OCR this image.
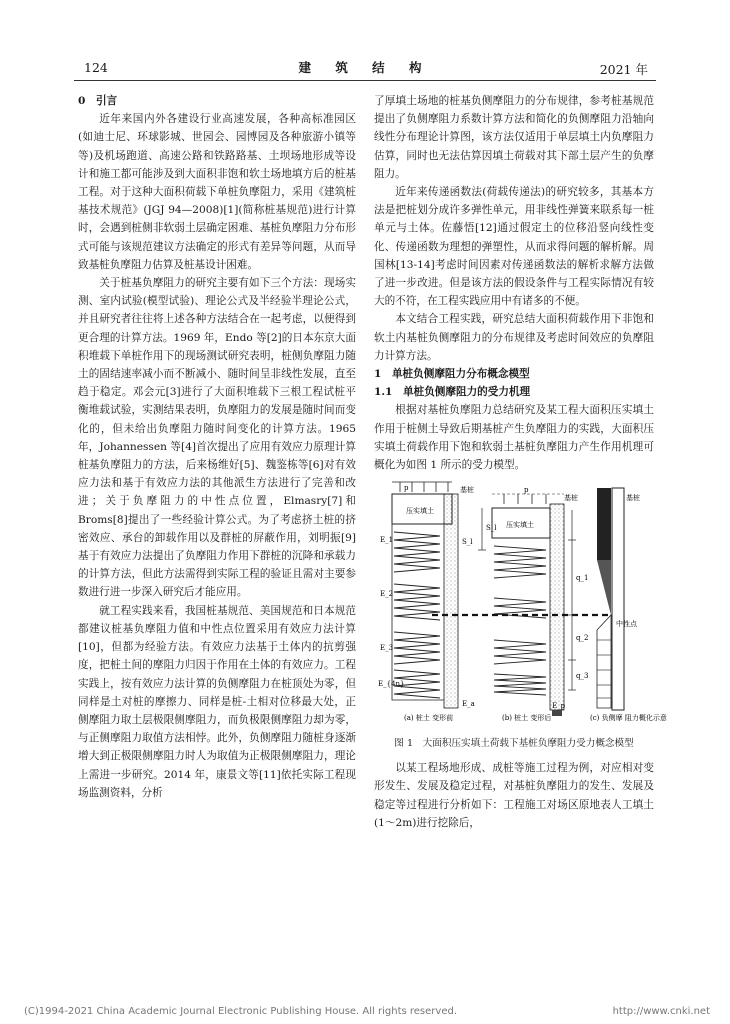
124	建 筑 结 构	2021 年

0　引言

近年来国内外各建设行业高速发展，各种高标准园区(如迪士尼、环球影城、世园会、园博园及各种旅游小镇等等)及机场跑道、高速公路和铁路路基、土坝场地形成等设计和施工都可能涉及到大面积非饱和软土场地填方后的桩基工程。对于这种大面积荷载下单桩负摩阻力，采用《建筑桩基技术规范》(JGJ 94—2008)[1](简称桩基规范)进行计算时，会遇到桩侧非软弱土层确定困难、基桩负摩阻力分布形式可能与该规范建议方法确定的形式有差异等问题，从而导致基桩负摩阻力估算及桩基设计困难。

关于桩基负摩阻力的研究主要有如下三个方法：现场实测、室内试验(模型试验)、理论公式及半经验半理论公式，并且研究者往往将上述各种方法结合在一起考虑，以便得到更合理的计算方法。1969 年，Endo 等[2]的日本东京大面积堆载下单桩作用下的现场测试研究表明，桩侧负摩阻力随土的固结速率减小而不断减小、随时间呈非线性发展，直至趋于稳定。邓会元[3]进行了大面积堆载下三根工程试桩平衡堆载试验，实测结果表明，负摩阻力的发展是随时间而变化的，但未给出负摩阻力随时间变化的计算方法。1965 年，Johannessen 等[4]首次提出了应用有效应力原理计算桩基负摩阻力的方法，后来杨维好[5]、魏鉴栋等[6]对有效应力法和基于有效应力法的其他派生方法进行了完善和改进；关于负摩阻力的中性点位置，Elmasry[7]和 Broms[8]提出了一些经验计算公式。为了考虑挤土桩的挤密效应、承台的卸载作用以及群桩的屏蔽作用，刘明振[9]基于有效应力法提出了负摩阻力作用下群桩的沉降和承载力的计算方法，但此方法需得到实际工程的验证且需对主要参数进行进一步深入研究后才能应用。

就工程实践来看，我国桩基规范、美国规范和日本规范都建议桩基负摩阻力值和中性点位置采用有效应力法计算[10]，但都为经验方法。有效应力法基于土体内的抗剪强度，把桩土间的摩阻力归因于作用在土体的有效应力。工程实践上，按有效应力法计算的负侧摩阻力在桩顶处为零，但同样是土对桩的摩擦力、同样是桩-土相对位移最大处，正侧摩阻力取土层极限侧摩阻力，而负极限侧摩阻力却为零，与正侧摩阻力取值方法相悖。此外，负侧摩阻力随桩身逐渐增大到正极限侧摩阻力时人为取值为正极限侧摩阻力，理论上需进一步研究。2014 年，康景文等[11]依托实际工程现场监测资料，分析

了厚填土场地的桩基负侧摩阻力的分布规律，参考桩基规范提出了负侧摩阻力系数计算方法和简化的负侧摩阻力沿轴向线性分布理论计算图，该方法仅适用于单层填土内负摩阻力估算，同时也无法估算因填土荷载对其下部土层产生的负摩阻力。

近年来传递函数法(荷载传递法)的研究较多，其基本方法是把桩划分成许多弹性单元，用非线性弹簧来联系每一桩单元与土体。佐藤悟[12]通过假定土的位移沿竖向线性变化、传递函数为理想的弹塑性，从而求得问题的解析解。周国林[13-14]考虑时间因素对传递函数法的解析求解方法做了进一步改进。但是该方法的假设条件与工程实际情况有较大的不符，在工程实践应用中有诸多的不便。

本文结合工程实践，研究总结大面积荷载作用下非饱和软土内基桩负侧摩阻力的分布规律及考虑时间效应的负摩阻力计算方法。

1　单桩负侧摩阻力分布概念模型

1.1　单桩负侧摩阻力的受力机理

根据对基桩负摩阻力总结研究及某工程大面积压实填土作用于桩侧土导致后期基桩产生负摩阻力的实践，大面积压实填土荷载作用下饱和软弱土基桩负摩阻力产生作用机理可概化为如图 1 所示的受力模型。

p
压实填土
压实填土
基桩
基桩	基桩
p
E_1
E_2
E_3
E_{4n}
S_l
S_l
E_p
E_a
q_1
q_2
q_3
中性点
(a) 桩土 变形前	(b) 桩土 变形后	(c) 负侧摩 阻力概化示意
图 1　大面积压实填土荷载下基桩负摩阻力受力概念模型

以某工程场地形成、成桩等施工过程为例，对应相对变形发生、发展及稳定过程，对基桩负摩阻力的发生、发展及稳定等过程进行分析如下：工程施工对场区原地表人工填土(1～2m)进行挖除后，

(C)1994-2021 China Academic Journal Electronic Publishing House. All rights reserved.	http://www.cnki.net
